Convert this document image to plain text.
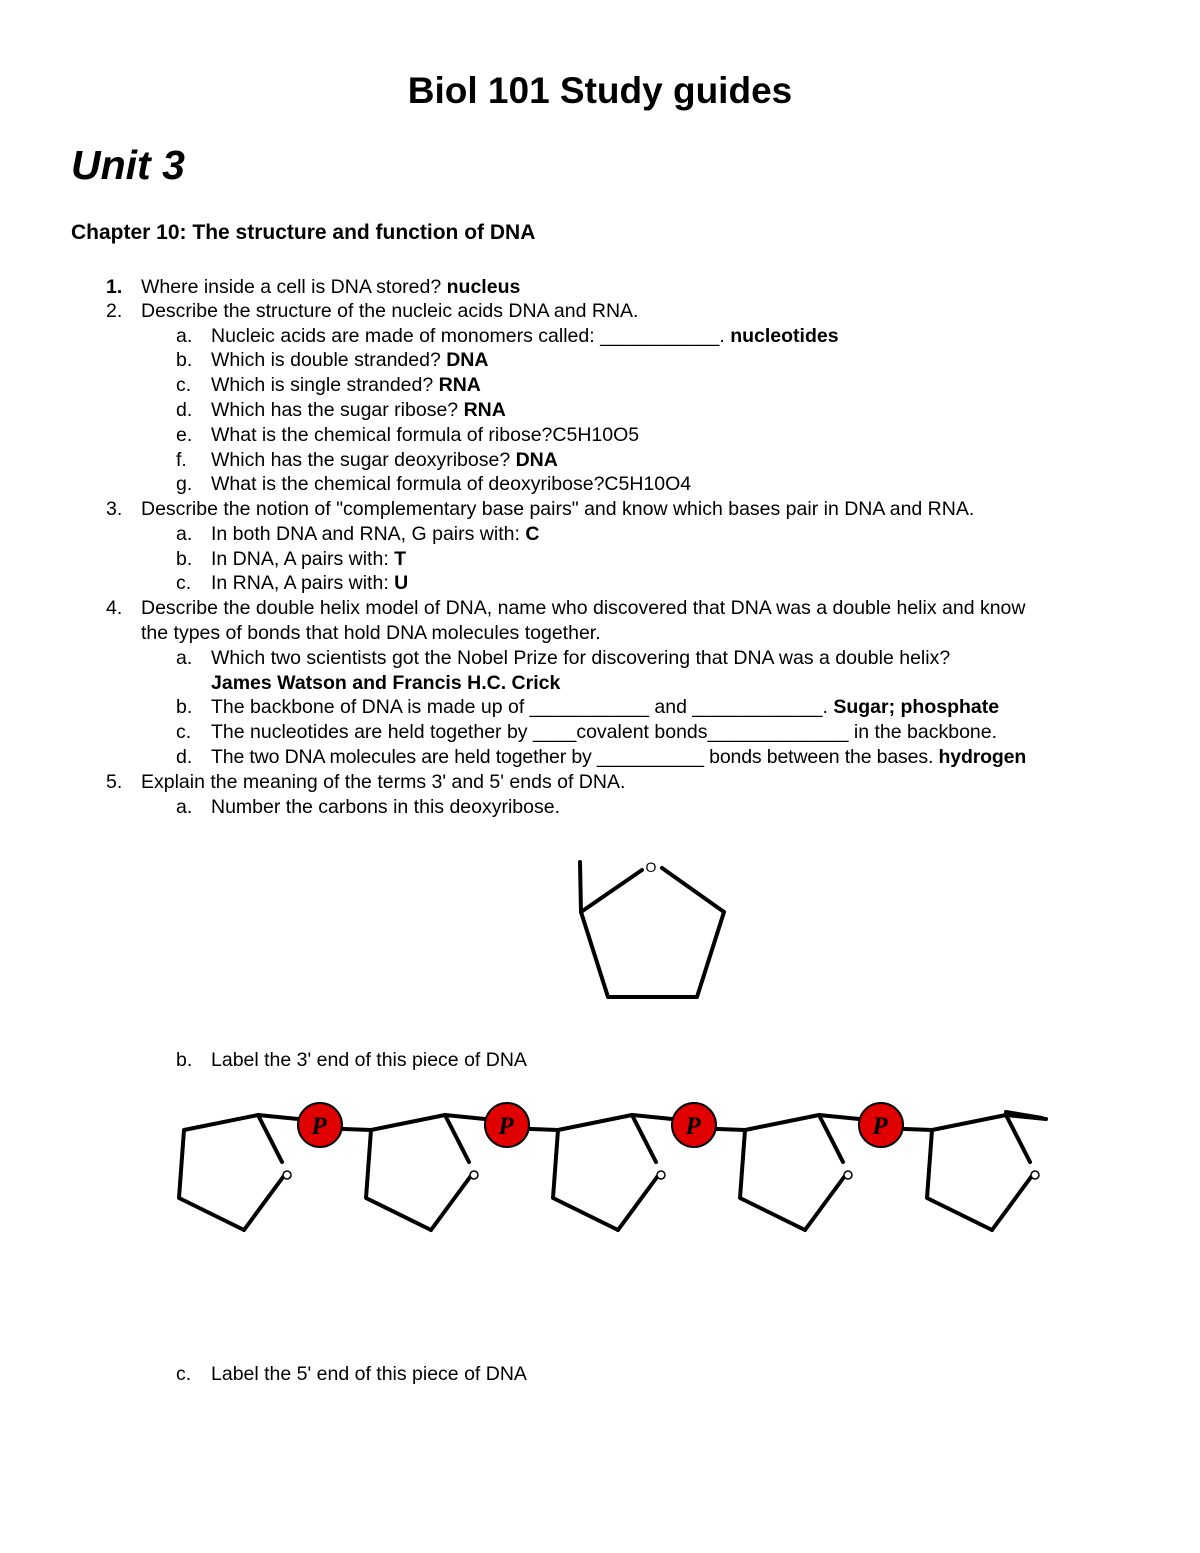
Biol 101 Study guides
Unit 3
Chapter 10: The structure and function of DNA
1. Where inside a cell is DNA stored? nucleus
2. Describe the structure of the nucleic acids DNA and RNA.
a. Nucleic acids are made of monomers called: ___________. nucleotides
b. Which is double stranded? DNA
c. Which is single stranded? RNA
d. Which has the sugar ribose? RNA
e. What is the chemical formula of ribose?C5H10O5
f. Which has the sugar deoxyribose? DNA
g. What is the chemical formula of deoxyribose?C5H10O4
3. Describe the notion of "complementary base pairs" and know which bases pair in DNA and RNA.
a. In both DNA and RNA, G pairs with: C
b. In DNA, A pairs with: T
c. In RNA, A pairs with: U
4. Describe the double helix model of DNA, name who discovered that DNA was a double helix and know
the types of bonds that hold DNA molecules together.
a. Which two scientists got the Nobel Prize for discovering that DNA was a double helix?
James Watson and Francis H.C. Crick
b. The backbone of DNA is made up of ___________ and ____________. Sugar; phosphate
c. The nucleotides are held together by ____covalent bonds_____________ in the backbone.
d. The two DNA molecules are held together by __________ bonds between the bases. hydrogen
5. Explain the meaning of the terms 3' and 5' ends of DNA.
a. Number the carbons in this deoxyribose.
b. Label the 3' end of this piece of DNA
c. Label the 5' end of this piece of DNA
O
P	P	P	P
